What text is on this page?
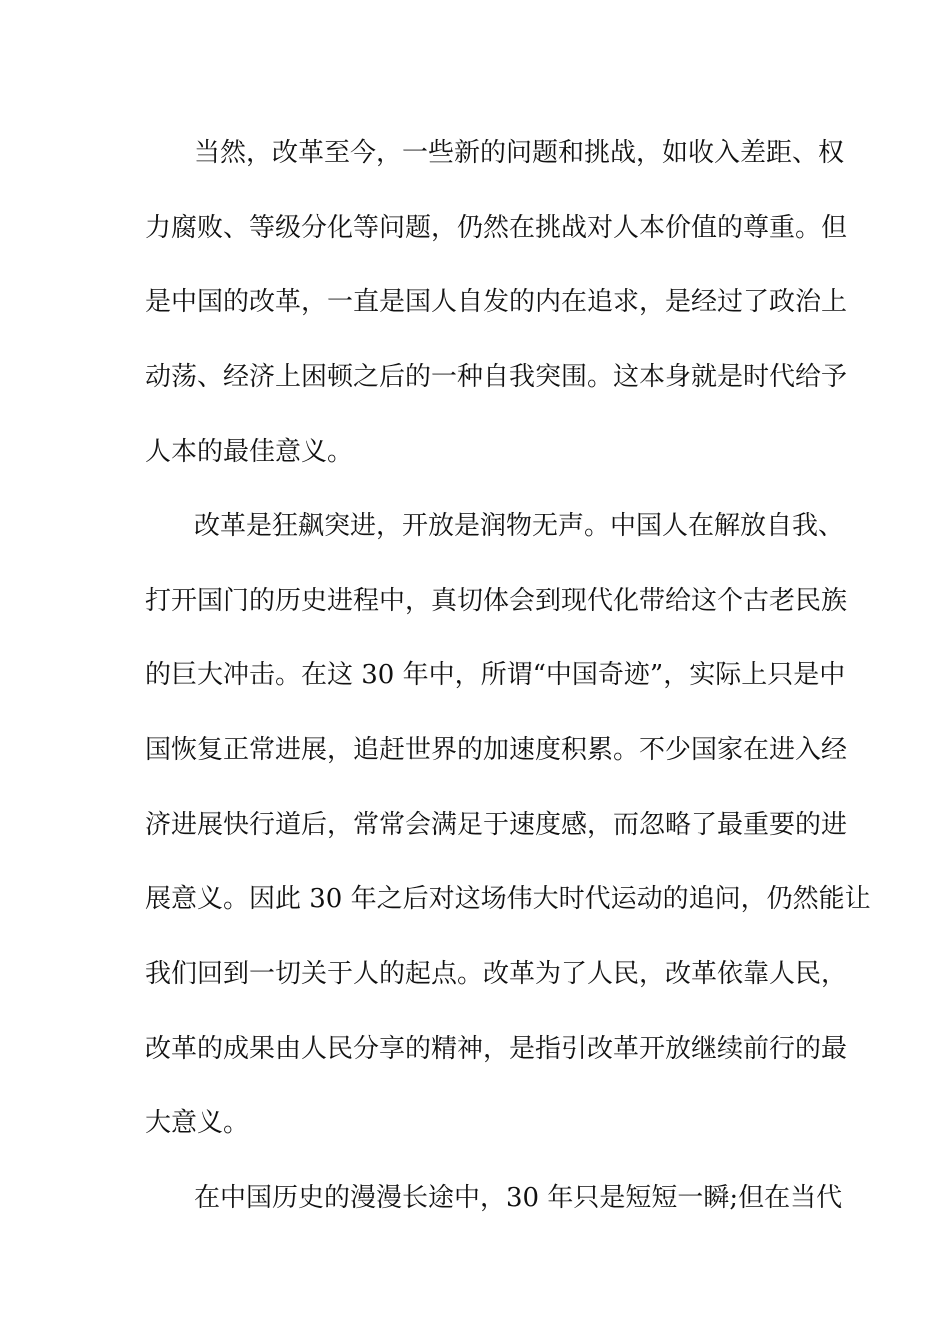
当然，改革至今，一些新的问题和挑战，如收入差距、权
力腐败、等级分化等问题，仍然在挑战对人本价值的尊重。但
是中国的改革，一直是国人自发的内在追求，是经过了政治上
动荡、经济上困顿之后的一种自我突围。这本身就是时代给予
人本的最佳意义。
改革是狂飙突进，开放是润物无声。中国人在解放自我、
打开国门的历史进程中，真切体会到现代化带给这个古老民族
的巨大冲击。在这 30 年中，所谓“中国奇迹”，实际上只是中
国恢复正常进展，追赶世界的加速度积累。不少国家在进入经
济进展快行道后，常常会满足于速度感，而忽略了最重要的进
展意义。因此 30 年之后对这场伟大时代运动的追问，仍然能让
我们回到一切关于人的起点。改革为了人民，改革依靠人民，
改革的成果由人民分享的精神，是指引改革开放继续前行的最
大意义。
在中国历史的漫漫长途中，30 年只是短短一瞬;但在当代
